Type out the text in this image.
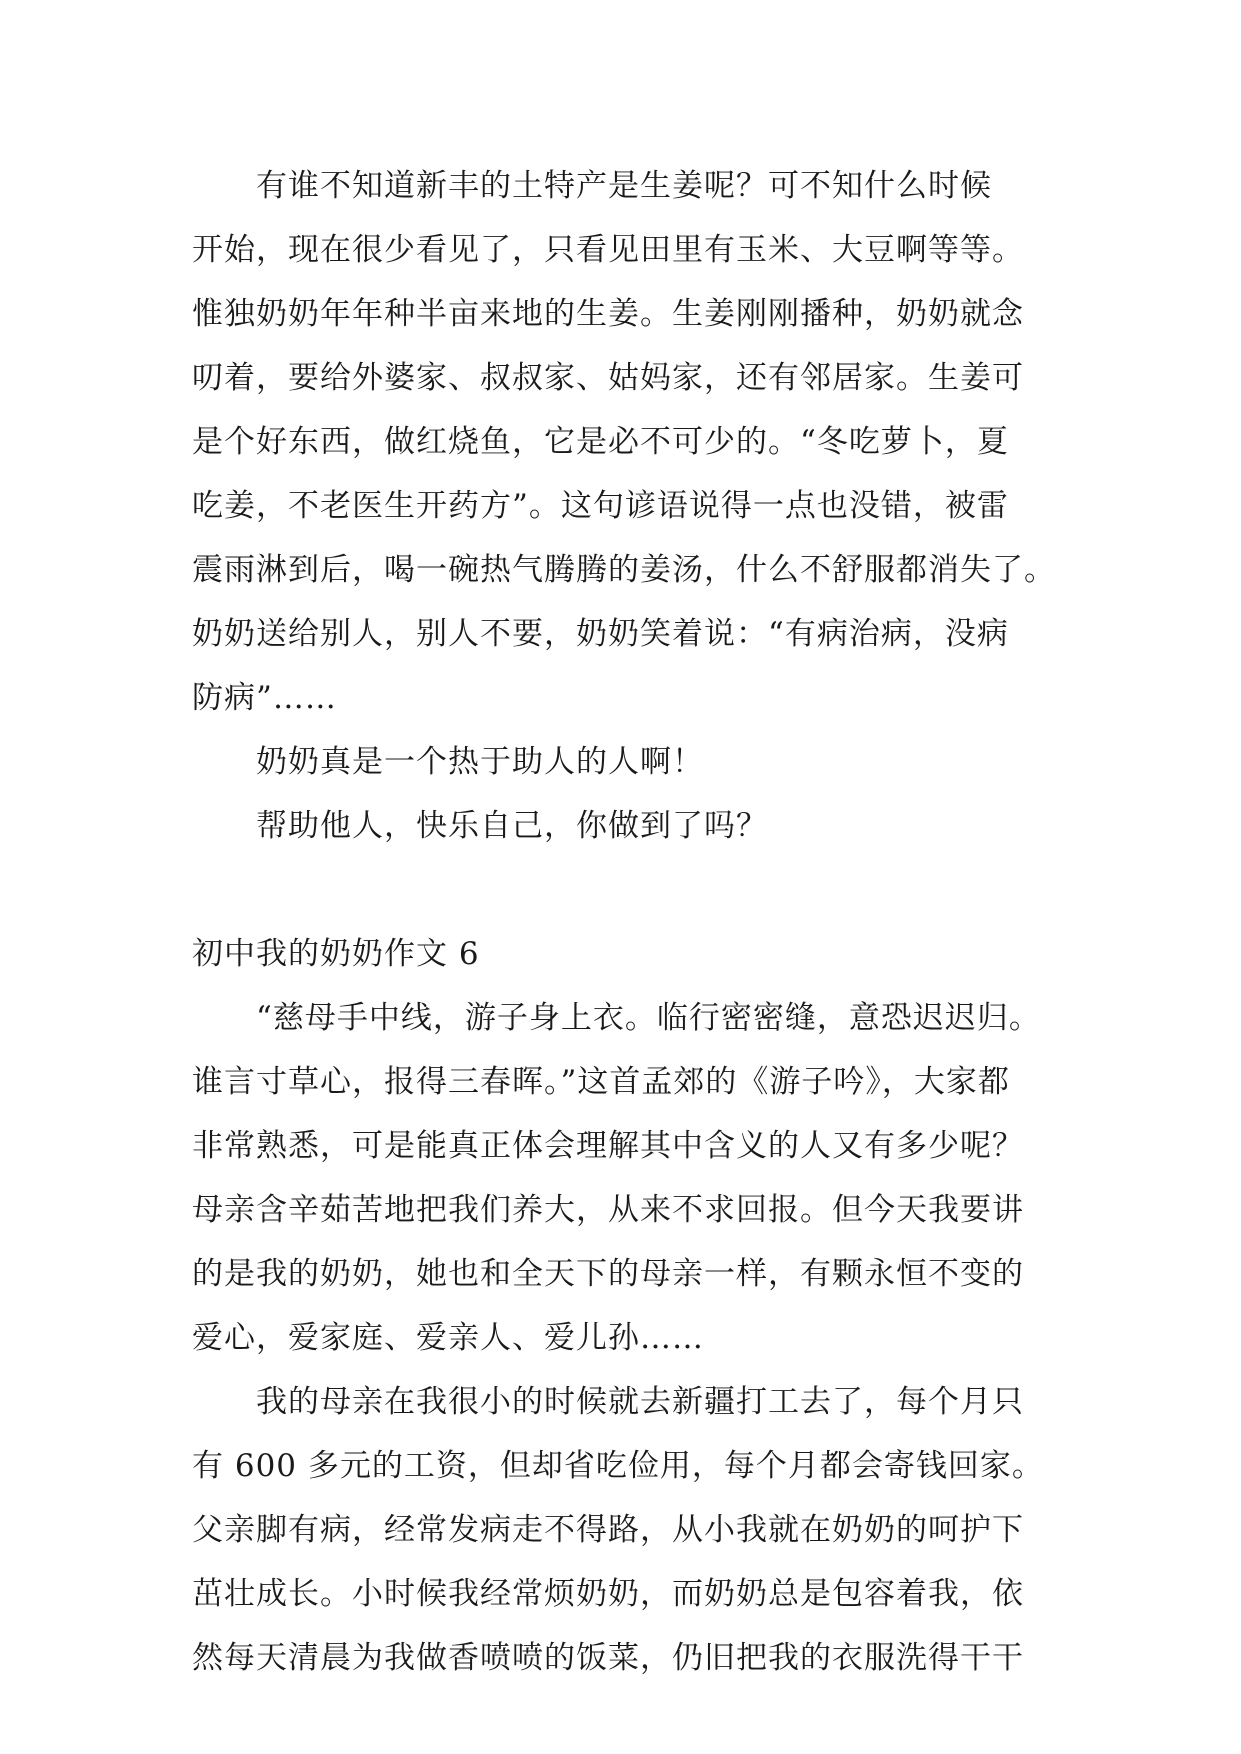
有谁不知道新丰的土特产是生姜呢？可不知什么时候
开始，现在很少看见了，只看见田里有玉米、大豆啊等等。
惟独奶奶年年种半亩来地的生姜。生姜刚刚播种，奶奶就念
叨着，要给外婆家、叔叔家、姑妈家，还有邻居家。生姜可
是个好东西，做红烧鱼，它是必不可少的。“冬吃萝卜，夏
吃姜，不老医生开药方”。这句谚语说得一点也没错，被雷
震雨淋到后，喝一碗热气腾腾的姜汤，什么不舒服都消失了。
奶奶送给别人，别人不要，奶奶笑着说：“有病治病，没病
防病”……
奶奶真是一个热于助人的人啊！
帮助他人，快乐自己，你做到了吗？
初中我的奶奶作文 6
“慈母手中线，游子身上衣。临行密密缝，意恐迟迟归。
谁言寸草心，报得三春晖。”这首孟郊的《游子吟》，大家都
非常熟悉，可是能真正体会理解其中含义的人又有多少呢？
母亲含辛茹苦地把我们养大，从来不求回报。但今天我要讲
的是我的奶奶，她也和全天下的母亲一样，有颗永恒不变的
爱心，爱家庭、爱亲人、爱儿孙……
我的母亲在我很小的时候就去新疆打工去了，每个月只
有 600 多元的工资，但却省吃俭用，每个月都会寄钱回家。
父亲脚有病，经常发病走不得路，从小我就在奶奶的呵护下
茁壮成长。小时候我经常烦奶奶，而奶奶总是包容着我，依
然每天清晨为我做香喷喷的饭菜，仍旧把我的衣服洗得干干
